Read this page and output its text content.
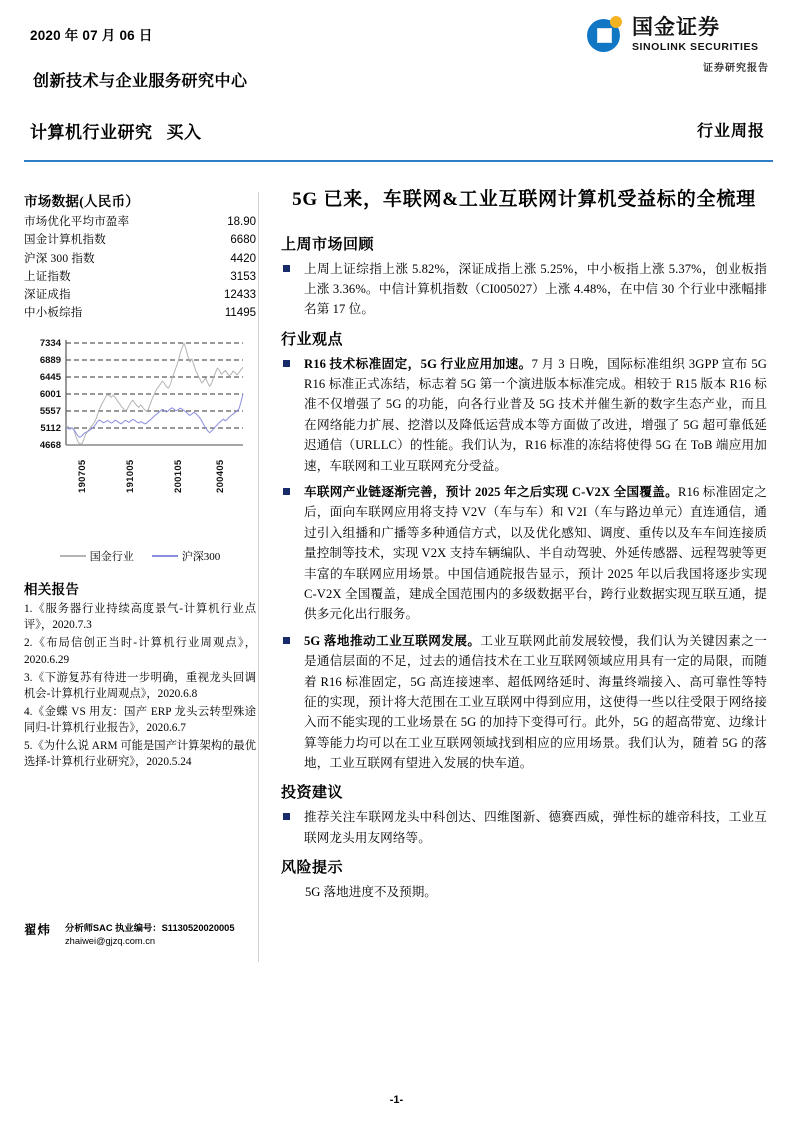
2020 年 07 月 06 日	国金证券
SINOLINK SECURITIES
证券研究报告
创新技术与企业服务研究中心
计算机行业研究 买入	行业周报
市场数据(人民币）
市场优化平均市盈率	18.90
国金计算机指数	6680
沪深 300 指数	4420
上证指数	3153
深证成指	12433
中小板综指	11495
4668
5112
5557
6001
6445
6889
7334
190705	191005	200105	200405
国金行业	沪深300
相关报告
1.《服务器行业持续高度景气-计算机行业点评》，2020.7.3
2.《布局信创正当时-计算机行业周观点》，2020.6.29
3.《下游复苏有待进一步明确，重视龙头回调机会-计算机行业周观点》，2020.6.8
4.《金蝶 VS 用友：国产 ERP 龙头云转型殊途同归-计算机行业报告》，2020.6.7
5.《为什么说 ARM 可能是国产计算架构的最优选择-计算机行业研究》，2020.5.24
翟炜 分析师SAC 执业编号：S1130520020005
zhaiwei@gjzq.com.cn
5G 已来，车联网&工业互联网计算机受益标的全梳理
上周市场回顾
上周上证综指上涨 5.82%，深证成指上涨 5.25%，中小板指上涨 5.37%，创业板指上涨 3.36%。中信计算机指数（CI005027）上涨 4.48%，在中信 30 个行业中涨幅排名第 17 位。
行业观点
R16 技术标准固定，5G 行业应用加速。7 月 3 日晚，国际标准组织 3GPP 宣布 5G R16 标准正式冻结，标志着 5G 第一个演进版本标准完成。相较于 R15 版本 R16 标准不仅增强了 5G 的功能，向各行业普及 5G 技术并催生新的数字生态产业，而且在网络能力扩展、挖潜以及降低运营成本等方面做了改进，增强了 5G 超可靠低延迟通信（URLLC）的性能。我们认为，R16 标准的冻结将使得 5G 在 ToB 端应用加速，车联网和工业互联网充分受益。
车联网产业链逐渐完善，预计 2025 年之后实现 C-V2X 全国覆盖。R16 标准固定之后，面向车联网应用将支持 V2V（车与车）和 V2I（车与路边单元）直连通信，通过引入组播和广播等多种通信方式，以及优化感知、调度、重传以及车车间连接质量控制等技术，实现 V2X 支持车辆编队、半自动驾驶、外延传感器、远程驾驶等更丰富的车联网应用场景。中国信通院报告显示，预计 2025 年以后我国将逐步实现 C-V2X 全国覆盖，建成全国范围内的多级数据平台，跨行业数据实现互联互通，提供多元化出行服务。
5G 落地推动工业互联网发展。工业互联网此前发展较慢，我们认为关键因素之一是通信层面的不足，过去的通信技术在工业互联网领域应用具有一定的局限，而随着 R16 标准固定，5G 高连接速率、超低网络延时、海量终端接入、高可靠性等特征的实现，预计将大范围在工业互联网中得到应用，这使得一些以往受限于网络接入而不能实现的工业场景在 5G 的加持下变得可行。此外，5G 的超高带宽、边缘计算等能力均可以在工业互联网领域找到相应的应用场景。我们认为，随着 5G 的落地，工业互联网有望进入发展的快车道。
投资建议
推荐关注车联网龙头中科创达、四维图新、德赛西威，弹性标的雄帝科技，工业互联网龙头用友网络等。
风险提示
5G 落地进度不及预期。
-1-
